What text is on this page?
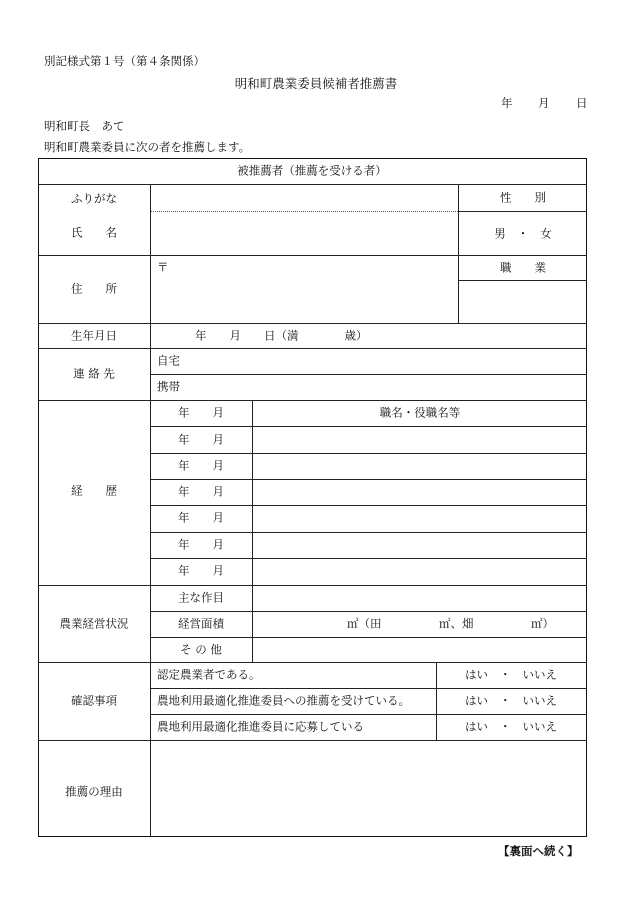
別記様式第１号（第４条関係）
明和町農業委員候補者推薦書
年 月 日
明和町長　あて
明和町農業委員に次の者を推薦します。
被推薦者（推薦を受ける者）
ふりがな
氏　　名
性　　別
男　・　女
住　　所
〒	職　　業
生年月日	年　　月　　日（満　　　　歳）
連 絡 先
自宅
携帯
経　　歴
職名・役職名等
年　　月
年　　月
年　　月
年　　月
年　　月
年　　月
年　　月
農業経営状況
主な作目
経営面積
そ の 他
㎡（田　　　　　㎡、畑　　　　　㎡）
確認事項
認定農業者である。
農地利用最適化推進委員への推薦を受けている。
農地利用最適化推進委員に応募している
はい　・　いいえ
はい　・　いいえ
はい　・　いいえ
推薦の理由
【裏面へ続く】
